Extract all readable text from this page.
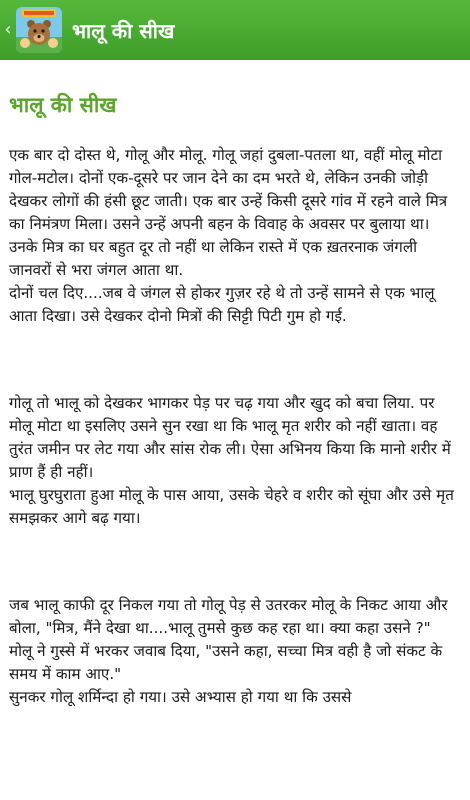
‹	भालू की सीख
भालू की सीख
एक बार दो दोस्त थे, गोलू और मोलू. गोलू जहां दुबला-पतला था, वहीं मोलू मोटा गोल-मटोल। दोनों एक-दूसरे पर जान देने का दम भरते थे, लेकिन उनकी जोड़ी देखकर लोगों की हंसी छूट जाती। एक बार उन्हें किसी दूसरे गांव में रहने वाले मित्र का निमंत्रण मिला। उसने उन्हें अपनी बहन के विवाह के अवसर पर बुलाया था। उनके मित्र का घर बहुत दूर तो नहीं था लेकिन रास्ते में एक ख़तरनाक जंगली जानवरों से भरा जंगल आता था.
दोनों चल दिए....जब वे जंगल से होकर गुज़र रहे थे तो उन्हें सामने से एक भालू आता दिखा। उसे देखकर दोनो मित्रों की सिट्टी पिटी गुम हो गई.
गोलू तो भालू को देखकर भागकर पेड़ पर चढ़ गया और खुद को बचा लिया. पर मोलू मोटा था इसलिए उसने सुन रखा था कि भालू मृत शरीर को नहीं खाता। वह तुरंत जमीन पर लेट गया और सांस रोक ली। ऐसा अभिनय किया कि मानो शरीर में प्राण हैं ही नहीं।
भालू घुरघुराता हुआ मोलू के पास आया, उसके चेहरे व शरीर को सूंघा और उसे मृत समझकर आगे बढ़ गया।
जब भालू काफी दूर निकल गया तो गोलू पेड़ से उतरकर मोलू के निकट आया और बोला, "मित्र, मैंने देखा था....भालू तुमसे कुछ कह रहा था। क्या कहा उसने ?"
मोलू ने गुस्से में भरकर जवाब दिया, "उसने कहा, सच्चा मित्र वही है जो संकट के समय में काम आए."
सुनकर गोलू शर्मिन्दा हो गया। उसे अभ्यास हो गया था कि उससे
